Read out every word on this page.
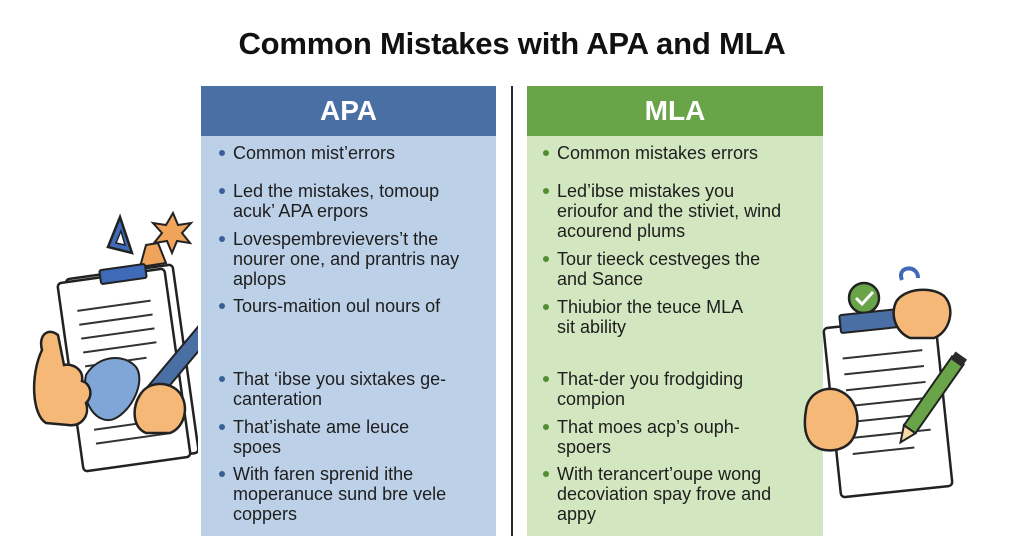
Common Mistakes with APA and MLA
APA
Common mist’errors
Led the mistakes, tomoup
acuk’ APA erpors
Lovespembrevievers’t the
nourer one, and prantris nay
aplops
Tours-maition oul nours of
That ‘ibse you sixtakes ge-
canteration
That’ishate ame leuce
spoes
With faren sprenid ithe
moperanuce sund bre vele
coppers
MLA
Common mistakes errors
Led’ibse mistakes you
erioufor and the stiviet, wind
acourend plums
Tour tieeck cestveges the
and Sance
Thiubior the teuce MLA
sit ability
That-der you frodgiding
compion
That moes acp’s ouph-
spoers
With terancert’oupe wong
decoviation spay frove and
appy
